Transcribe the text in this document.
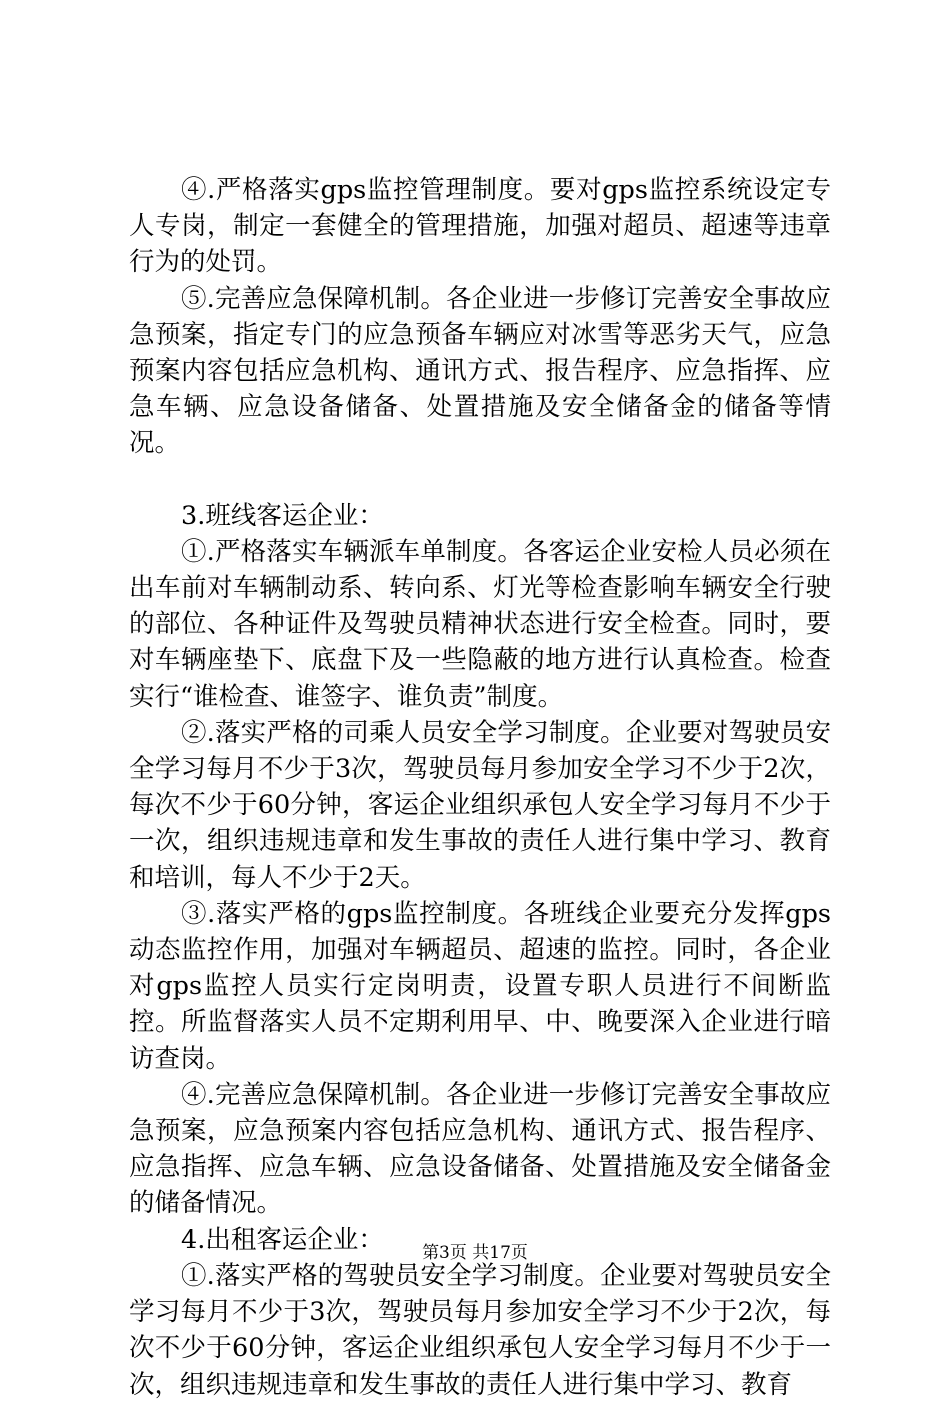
④.严格落实gps监控管理制度。要对gps监控系统设定专人专岗，制定一套健全的管理措施，加强对超员、超速等违章行为的处罚。

⑤.完善应急保障机制。各企业进一步修订完善安全事故应急预案，指定专门的应急预备车辆应对冰雪等恶劣天气，应急预案内容包括应急机构、通讯方式、报告程序、应急指挥、应急车辆、应急设备储备、处置措施及安全储备金的储备等情况。

3.班线客运企业：

①.严格落实车辆派车单制度。各客运企业安检人员必须在出车前对车辆制动系、转向系、灯光等检查影响车辆安全行驶的部位、各种证件及驾驶员精神状态进行安全检查。同时，要对车辆座垫下、底盘下及一些隐蔽的地方进行认真检查。检查实行“谁检查、谁签字、谁负责”制度。

②.落实严格的司乘人员安全学习制度。企业要对驾驶员安全学习每月不少于3次，驾驶员每月参加安全学习不少于2次，每次不少于60分钟，客运企业组织承包人安全学习每月不少于一次，组织违规违章和发生事故的责任人进行集中学习、教育和培训，每人不少于2天。

③.落实严格的gps监控制度。各班线企业要充分发挥gps动态监控作用，加强对车辆超员、超速的监控。同时，各企业对gps监控人员实行定岗明责，设置专职人员进行不间断监控。所监督落实人员不定期利用早、中、晚要深入企业进行暗访查岗。

④.完善应急保障机制。各企业进一步修订完善安全事故应急预案，应急预案内容包括应急机构、通讯方式、报告程序、应急指挥、应急车辆、应急设备储备、处置措施及安全储备金的储备情况。

4.出租客运企业：

①.落实严格的驾驶员安全学习制度。企业要对驾驶员安全学习每月不少于3次，驾驶员每月参加安全学习不少于2次，每次不少于60分钟，客运企业组织承包人安全学习每月不少于一次，组织违规违章和发生事故的责任人进行集中学习、教育

第3页 共17页
